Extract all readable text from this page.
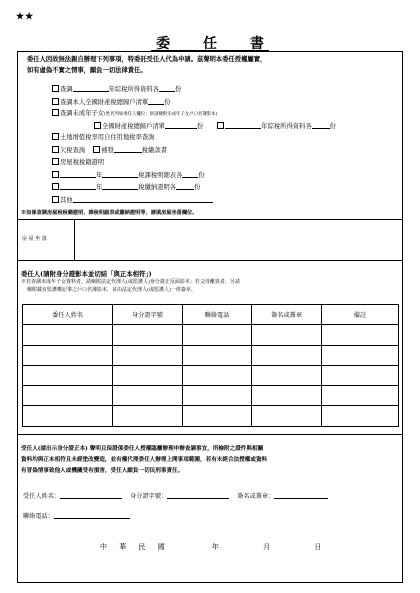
★★
委 任 書
委任人因故無法親自辦理下列事項，特委託受任人代為申請。茲聲明本委任授權屬實，
如有虛偽不實之情事，願負一切法律責任。
查調	年綜稅所得資料各	份
查調本人全國財產稅總歸戶清單	份
查調未成年子女(姓名列如委任人欄位；併請檢附未成年子女戶口名簿影本)
全國財產稅總歸戶清單	份	年綜稅所得資料各	份
土地增值稅享用自住用地稅率查詢
欠稅查詢	補發	稅繳款書
房屋稅稅籍證明
年	稅課稅明細表各	份
年	稅繳納證明各	份
其他
※如係查調房屋稅稅籍證明、課稅明細表或繳納證明等，請填房屋坐落欄位。
房 屋 坐 落
委任人(請附身分證影本並切結「與正本相符」)
※若查調未成年子女資料者，請檢附法定代理人(或監護人)身分證正反面影本；若父母離異者，另請
檢附載有監護權記事之戶口名簿影本，並由法定代理人(或監護人)一併簽章。
委任人姓名	身分證字號	聯絡電話	簽名或蓋章	備註

受任人(請出示身分證正本) 聲明且保證係委任人授權臨櫃辦理申辦查調事宜，所檢附之證件與相關
資料均與正本相符且未經塗改變造，並有權代理委任人辦理上開事項範圍，若有未經合法授權或資料
有冒偽情事致他人或機關受有損害，受任人願負一切民刑事責任。
受任人姓名：	身分證字號：	簽名或蓋章：
聯絡電話：
中 華 民 國	年	月	日
